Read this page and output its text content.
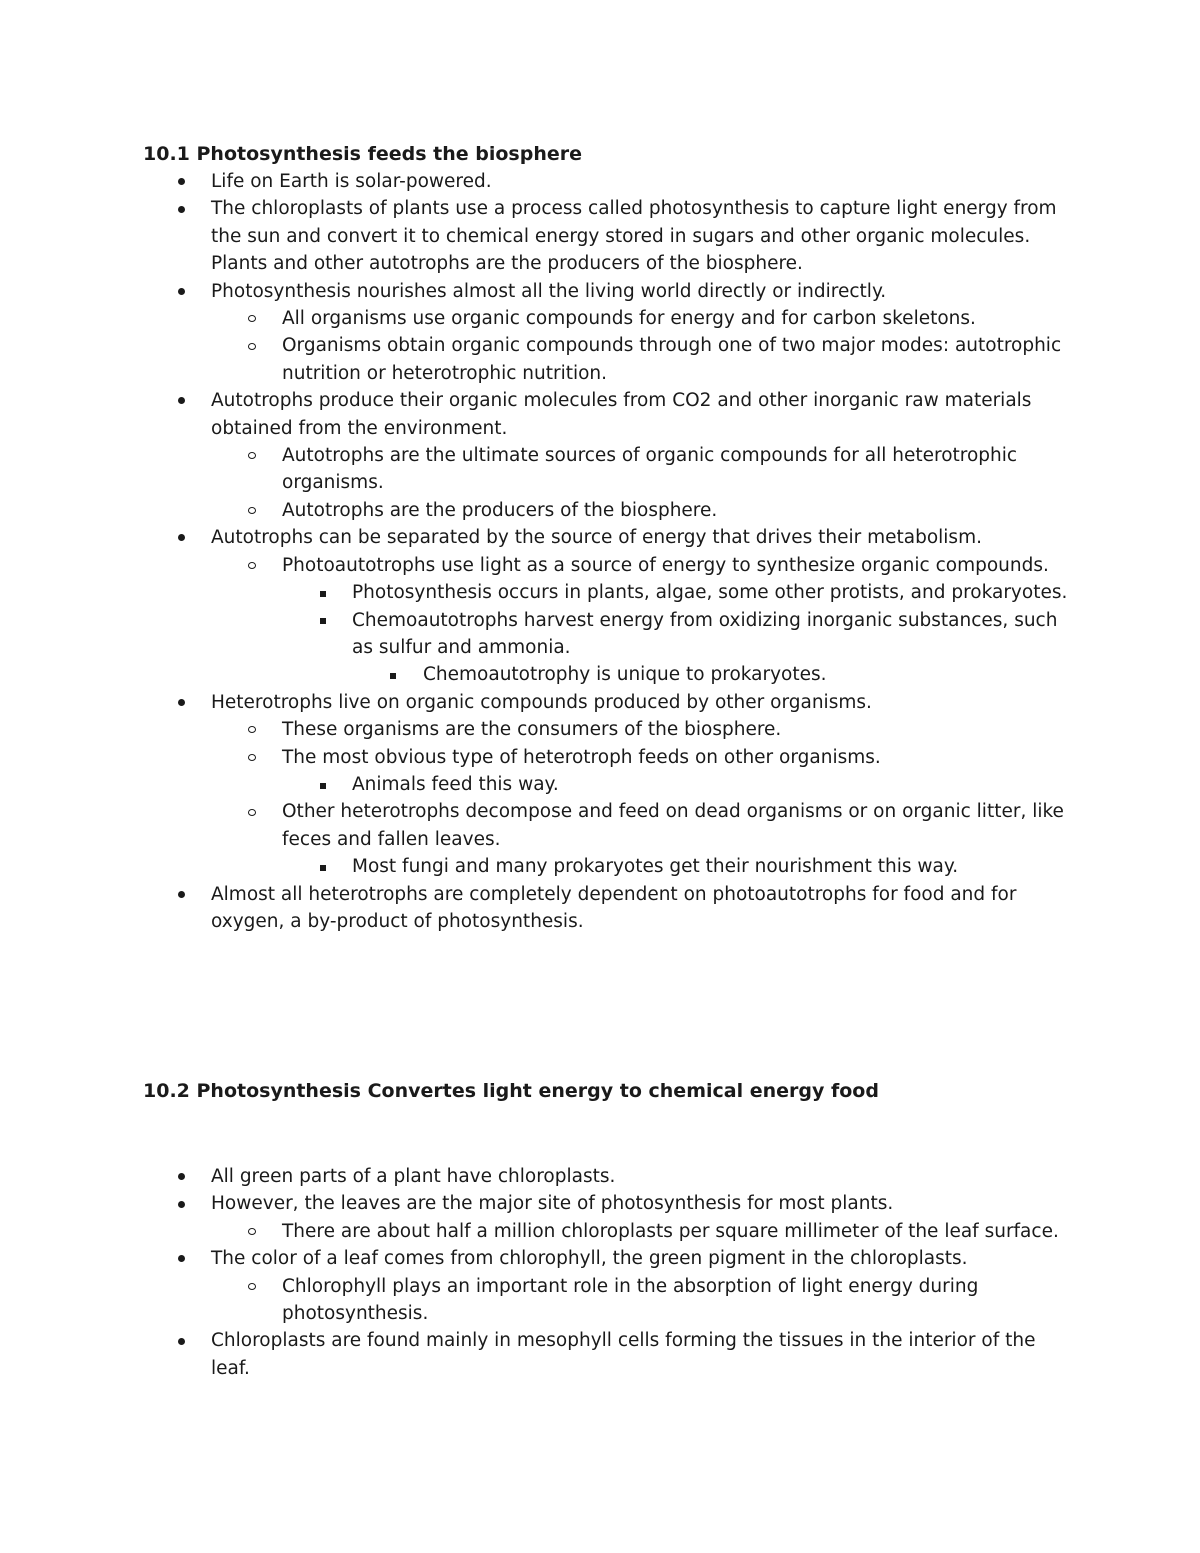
10.1 Photosynthesis feeds the biosphere
Life on Earth is solar-powered.
The chloroplasts of plants use a process called photosynthesis to capture light energy from the sun and convert it to chemical energy stored in sugars and other organic molecules.
Plants and other autotrophs are the producers of the biosphere.
Photosynthesis nourishes almost all the living world directly or indirectly.
All organisms use organic compounds for energy and for carbon skeletons.
Organisms obtain organic compounds through one of two major modes: autotrophic nutrition or heterotrophic nutrition.
Autotrophs produce their organic molecules from CO2 and other inorganic raw materials obtained from the environment.
Autotrophs are the ultimate sources of organic compounds for all heterotrophic organisms.
Autotrophs are the producers of the biosphere.
Autotrophs can be separated by the source of energy that drives their metabolism.
Photoautotrophs use light as a source of energy to synthesize organic compounds.
Photosynthesis occurs in plants, algae, some other protists, and prokaryotes.
Chemoautotrophs harvest energy from oxidizing inorganic substances, such as sulfur and ammonia.
Chemoautotrophy is unique to prokaryotes.
Heterotrophs live on organic compounds produced by other organisms.
These organisms are the consumers of the biosphere.
The most obvious type of heterotroph feeds on other organisms.
Animals feed this way.
Other heterotrophs decompose and feed on dead organisms or on organic litter, like feces and fallen leaves.
Most fungi and many prokaryotes get their nourishment this way.
Almost all heterotrophs are completely dependent on photoautotrophs for food and for oxygen, a by-product of photosynthesis.
10.2 Photosynthesis Convertes light energy to chemical energy food
All green parts of a plant have chloroplasts.
However, the leaves are the major site of photosynthesis for most plants.
There are about half a million chloroplasts per square millimeter of the leaf surface.
The color of a leaf comes from chlorophyll, the green pigment in the chloroplasts.
Chlorophyll plays an important role in the absorption of light energy during photosynthesis.
Chloroplasts are found mainly in mesophyll cells forming the tissues in the interior of the leaf.
